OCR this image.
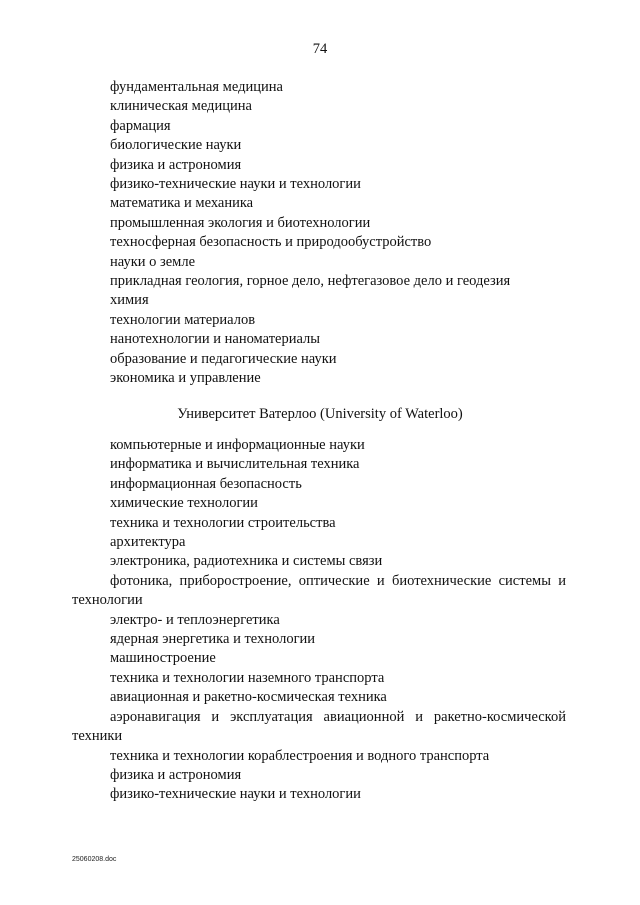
74
фундаментальная медицина
клиническая медицина
фармация
биологические науки
физика и астрономия
физико-технические науки и технологии
математика и механика
промышленная экология и биотехнологии
техносферная безопасность и природообустройство
науки о земле
прикладная геология, горное дело, нефтегазовое дело и геодезия
химия
технологии материалов
нанотехнологии и наноматериалы
образование и педагогические науки
экономика и управление
Университет Ватерлоо (University of Waterloo)
компьютерные и информационные науки
информатика и вычислительная техника
информационная безопасность
химические технологии
техника и технологии строительства
архитектура
электроника, радиотехника и системы связи
фотоника, приборостроение, оптические и биотехнические системы и технологии
электро- и теплоэнергетика
ядерная энергетика и технологии
машиностроение
техника и технологии наземного транспорта
авиационная и ракетно-космическая техника
аэронавигация и эксплуатация авиационной и ракетно-космической техники
техника и технологии кораблестроения и водного транспорта
физика и астрономия
физико-технические науки и технологии
25060208.doc
